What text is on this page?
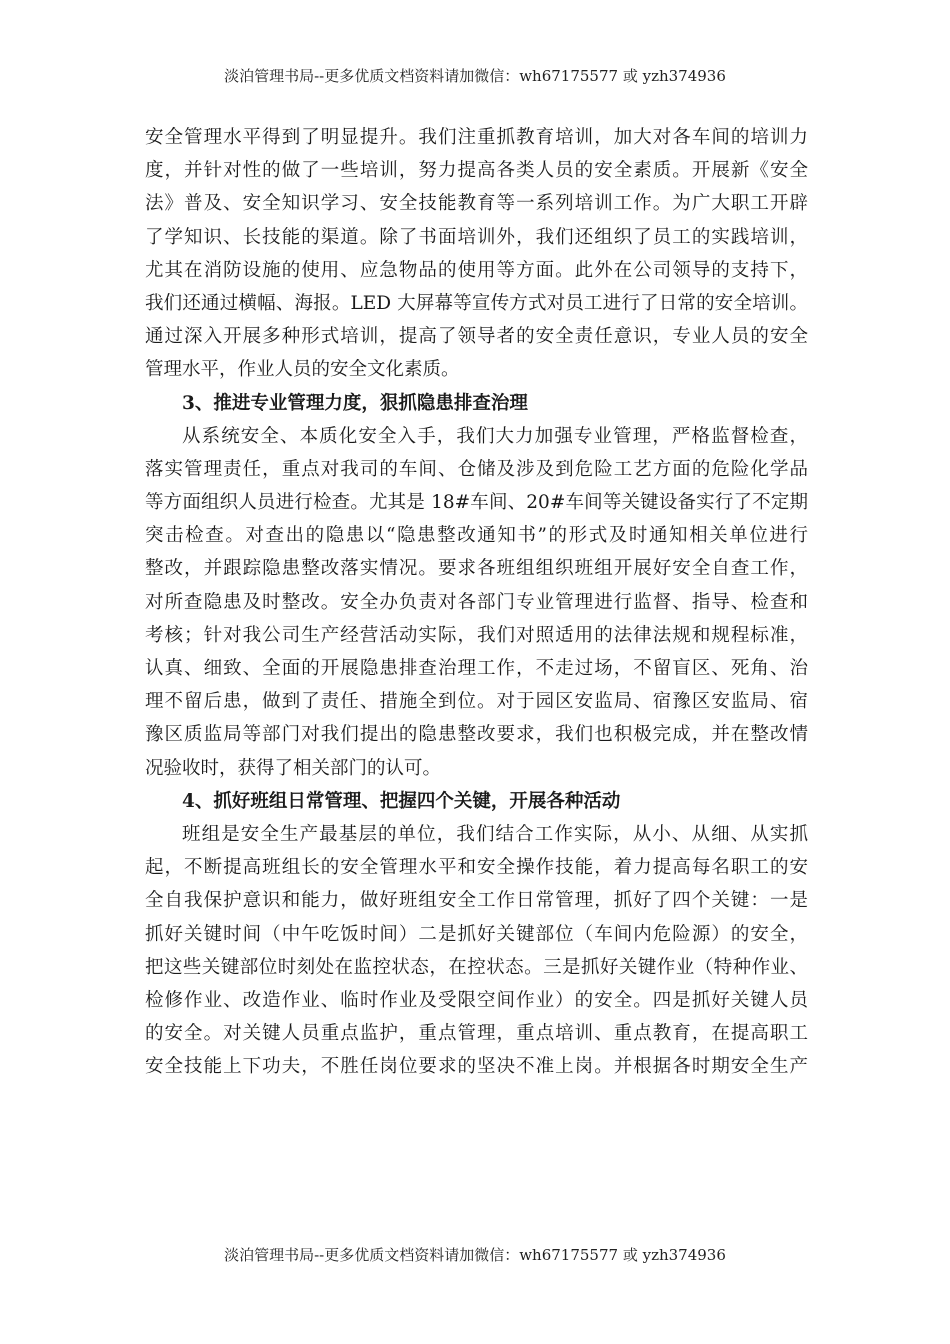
淡泊管理书局--更多优质文档资料请加微信：wh67175577 或 yzh374936
安全管理水平得到了明显提升。我们注重抓教育培训，加大对各车间的培训力
度，并针对性的做了一些培训，努力提高各类人员的安全素质。开展新《安全
法》普及、安全知识学习、安全技能教育等一系列培训工作。为广大职工开辟
了学知识、长技能的渠道。除了书面培训外，我们还组织了员工的实践培训，
尤其在消防设施的使用、应急物品的使用等方面。此外在公司领导的支持下，
我们还通过横幅、海报。LED 大屏幕等宣传方式对员工进行了日常的安全培训。
通过深入开展多种形式培训，提高了领导者的安全责任意识，专业人员的安全
管理水平，作业人员的安全文化素质。
3、推进专业管理力度，狠抓隐患排查治理
从系统安全、本质化安全入手，我们大力加强专业管理，严格监督检查，
落实管理责任，重点对我司的车间、仓储及涉及到危险工艺方面的危险化学品
等方面组织人员进行检查。尤其是 18#车间、20#车间等关键设备实行了不定期
突击检查。对查出的隐患以“隐患整改通知书”的形式及时通知相关单位进行
整改，并跟踪隐患整改落实情况。要求各班组组织班组开展好安全自查工作，
对所查隐患及时整改。安全办负责对各部门专业管理进行监督、指导、检查和
考核；针对我公司生产经营活动实际，我们对照适用的法律法规和规程标准，
认真、细致、全面的开展隐患排查治理工作，不走过场，不留盲区、死角、治
理不留后患，做到了责任、措施全到位。对于园区安监局、宿豫区安监局、宿
豫区质监局等部门对我们提出的隐患整改要求，我们也积极完成，并在整改情
况验收时，获得了相关部门的认可。
4、抓好班组日常管理、把握四个关键，开展各种活动
班组是安全生产最基层的单位，我们结合工作实际，从小、从细、从实抓
起，不断提高班组长的安全管理水平和安全操作技能，着力提高每名职工的安
全自我保护意识和能力，做好班组安全工作日常管理，抓好了四个关键：一是
抓好关键时间（中午吃饭时间）二是抓好关键部位（车间内危险源）的安全，
把这些关键部位时刻处在监控状态，在控状态。三是抓好关键作业（特种作业、
检修作业、改造作业、临时作业及受限空间作业）的安全。四是抓好关键人员
的安全。对关键人员重点监护，重点管理，重点培训、重点教育，在提高职工
安全技能上下功夫，不胜任岗位要求的坚决不准上岗。并根据各时期安全生产
淡泊管理书局--更多优质文档资料请加微信：wh67175577 或 yzh374936
